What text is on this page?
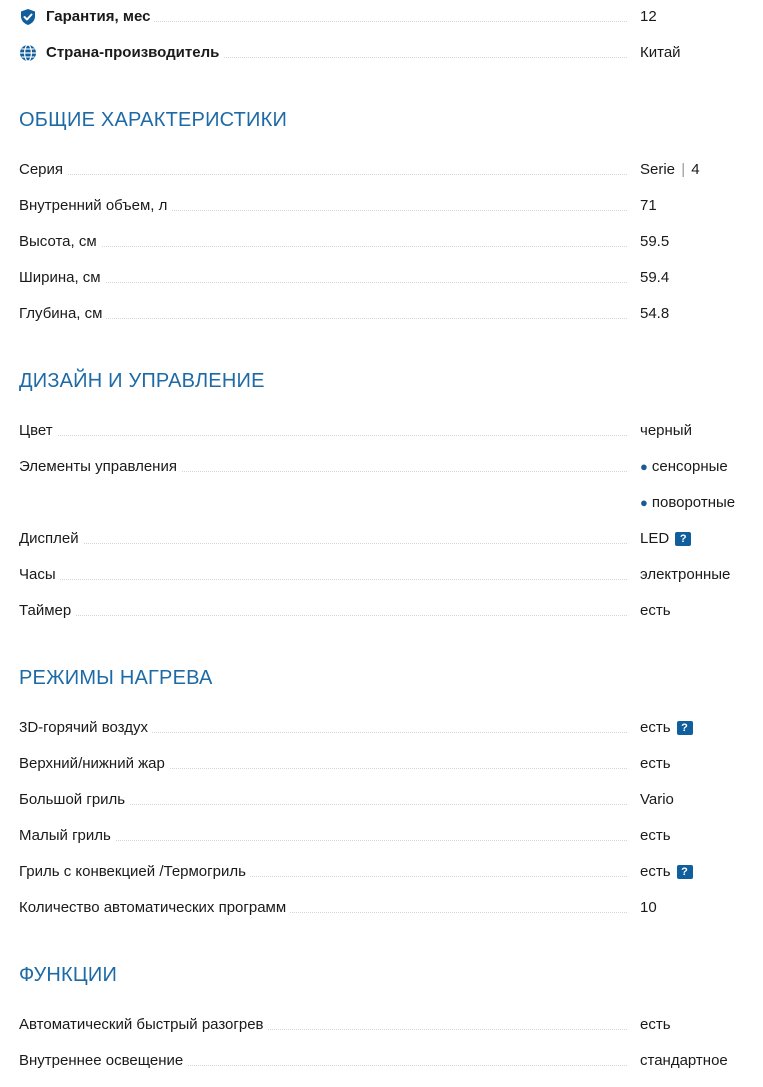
Гарантия, мес	12
Страна-производитель	Китай
ОБЩИЕ ХАРАКТЕРИСТИКИ
Серия	Serie | 4
Внутренний объем, л	71
Высота, см	59.5
Ширина, см	59.4
Глубина, см	54.8
ДИЗАЙН И УПРАВЛЕНИЕ
Цвет	черный
Элементы управления	● сенсорные
● поворотные
Дисплей	LED ?
Часы	электронные
Таймер	есть
РЕЖИМЫ НАГРЕВА
3D-горячий воздух	есть ?
Верхний/нижний жар	есть
Большой гриль	Vario
Малый гриль	есть
Гриль с конвекцией /Термогриль	есть ?
Количество автоматических программ	10
ФУНКЦИИ
Автоматический быстрый разогрев	есть
Внутреннее освещение	стандартное
